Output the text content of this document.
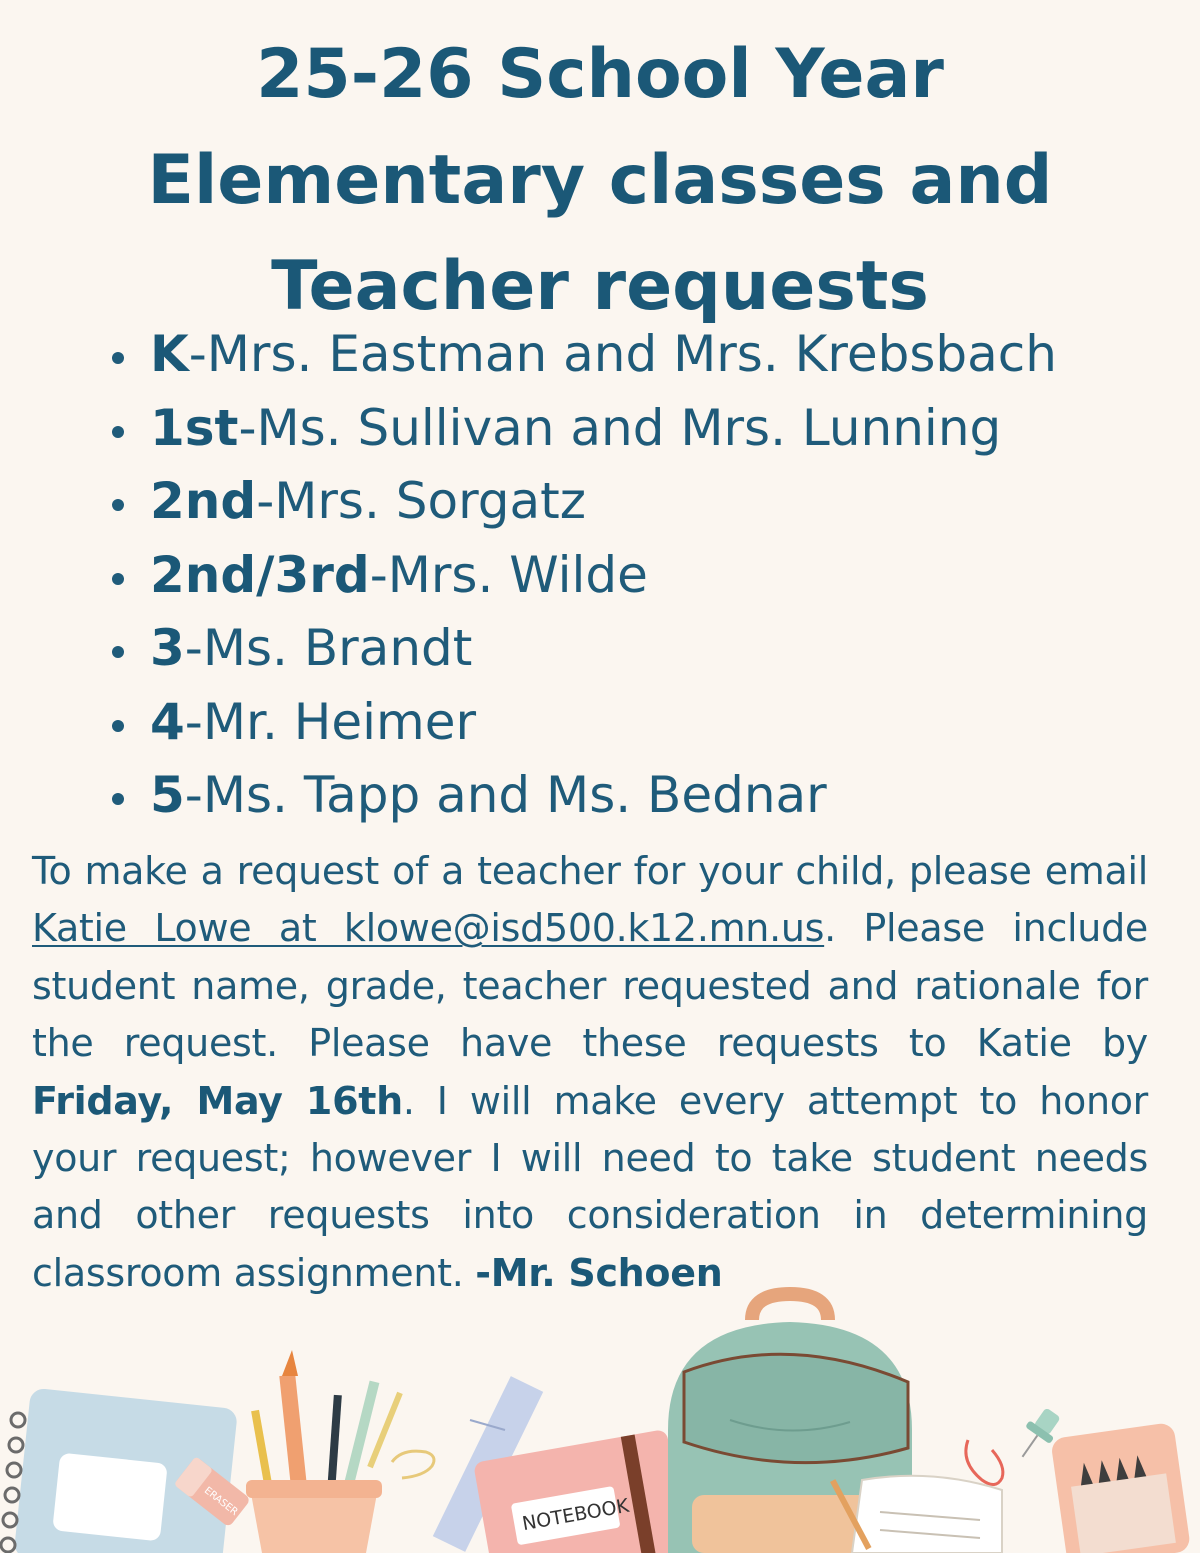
25-26 School Year
Elementary classes and
Teacher requests
K-Mrs. Eastman and Mrs. Krebsbach
1st-Ms. Sullivan and Mrs. Lunning
2nd-Mrs. Sorgatz
2nd/3rd-Mrs. Wilde
3-Ms. Brandt
4-Mr. Heimer
5-Ms. Tapp and Ms. Bednar

To make a request of a teacher for your child, please email Katie Lowe at klowe@isd500.k12.mn.us. Please include student name, grade, teacher requested and rationale for the request. Please have these requests to Katie by Friday, May 16th. I will make every attempt to honor your request; however I will need to take student needs and other requests into consideration in determining classroom assignment. -Mr. Schoen

ERASER	NOTEBOOK
